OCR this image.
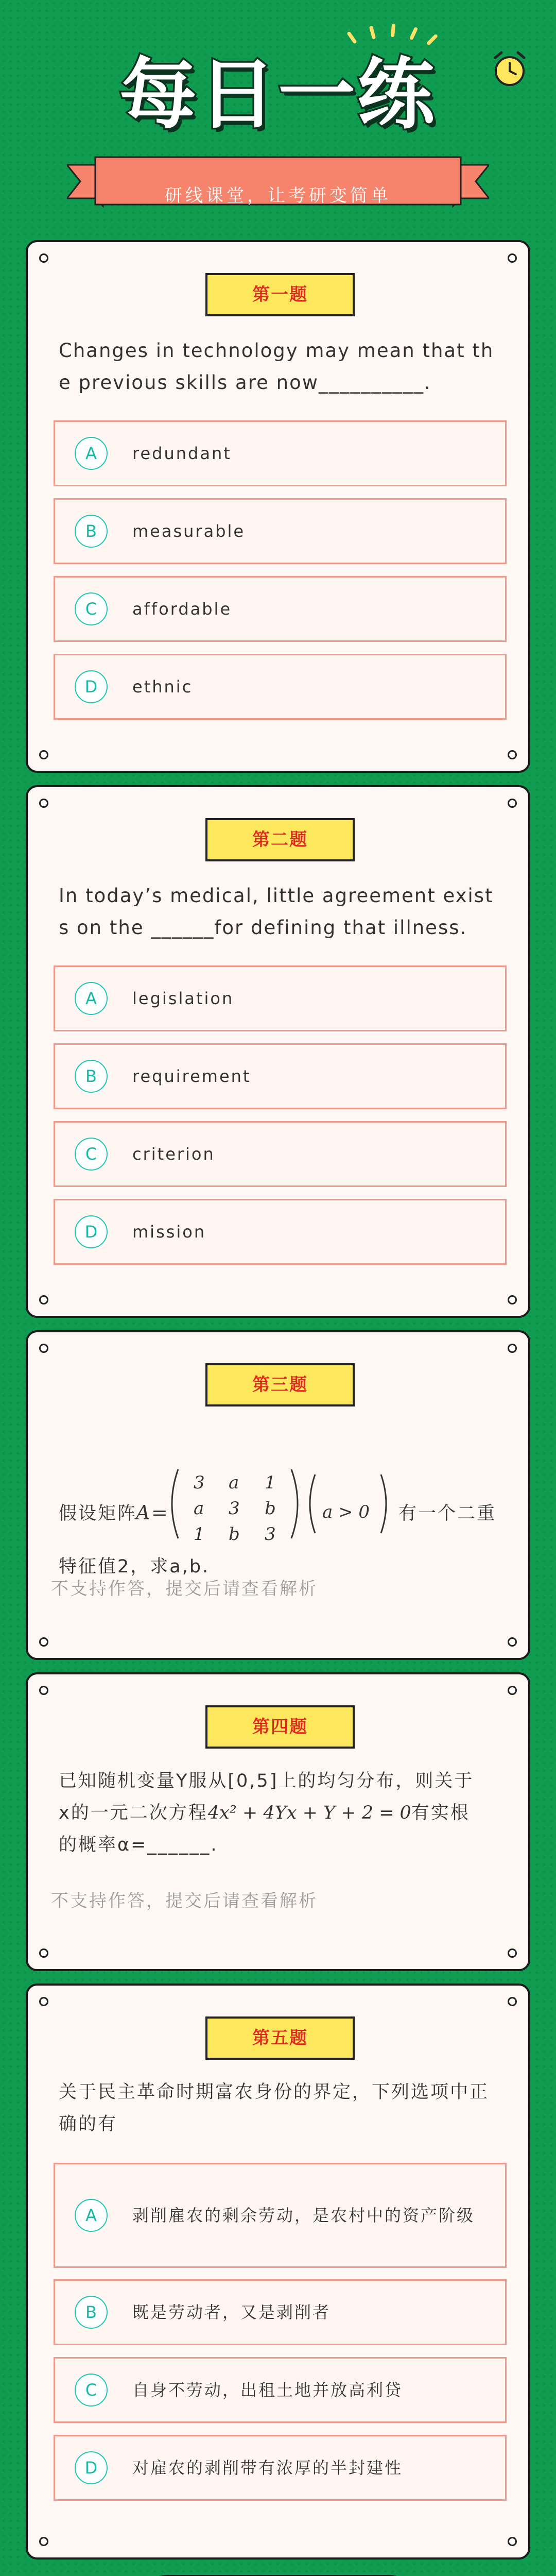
每日一练
研线课堂，让考研变简单
第一题
Changes in technology may mean that the previous skills are now__________.
A	redundant
B	measurable
C	affordable
D	ethnic
第二题
In today’s medical, little agreement exists on the ______for defining that illness.
A	legislation
B	requirement
C	criterion
D	mission
第三题
假设矩阵
A =
3 a 1
a 3 b
1 b 3
a > 0 有一个二重
特征值2，求a,b.
不支持作答，提交后请查看解析
第四题
已知随机变量Y服从[0,5]上的均匀分布，则关于
x的一元二次方程4x² + 4Yx + Y + 2 = 0有实根
的概率α=______.
不支持作答，提交后请查看解析
第五题
关于民主革命时期富农身份的界定，下列选项中正确的有
A	剥削雇农的剩余劳动，是农村中的资产阶级
B	既是劳动者，又是剥削者
C	自身不劳动，出租土地并放高利贷
D	对雇农的剥削带有浓厚的半封建性
